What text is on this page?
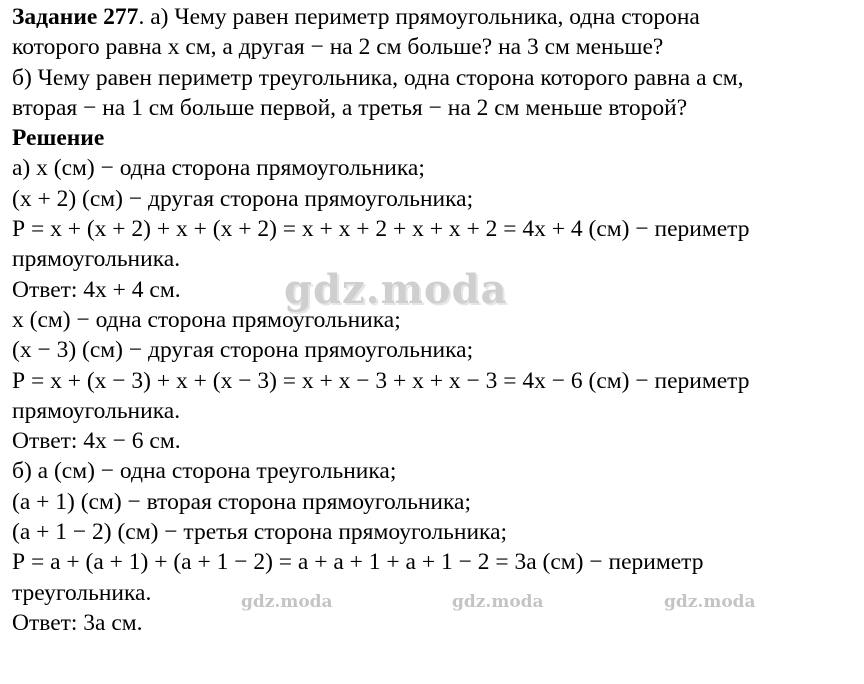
Задание 277. а) Чему равен периметр прямоугольника, одна сторона

которого равна х см, а другая − на 2 см больше? на 3 см меньше?

б) Чему равен периметр треугольника, одна сторона которого равна а см,

вторая − на 1 см больше первой, а третья − на 2 см меньше второй?

Решение

а) х (см) − одна сторона прямоугольника;

(х + 2) (см) − другая сторона прямоугольника;

Р = х + (х + 2) + х + (х + 2) = х + х + 2 + х + х + 2 = 4х + 4 (см) − периметр

прямоугольника.

Ответ: 4х + 4 см.

х (см) − одна сторона прямоугольника;

(х − 3) (см) − другая сторона прямоугольника;

Р = х + (х − 3) + х + (х − 3) = х + х − 3 + х + х − 3 = 4х − 6 (см) − периметр

прямоугольника.

Ответ: 4х − 6 см.

б) а (см) − одна сторона треугольника;

(а + 1) (см) − вторая сторона прямоугольника;

(а + 1 − 2) (см) − третья сторона прямоугольника;

Р = а + (а + 1) + (а + 1 − 2) = а + а + 1 + а + 1 − 2 = 3а (см) − периметр

треугольника.

Ответ: 3а см.

gdz.moda
gdz.moda	gdz.moda	gdz.moda
